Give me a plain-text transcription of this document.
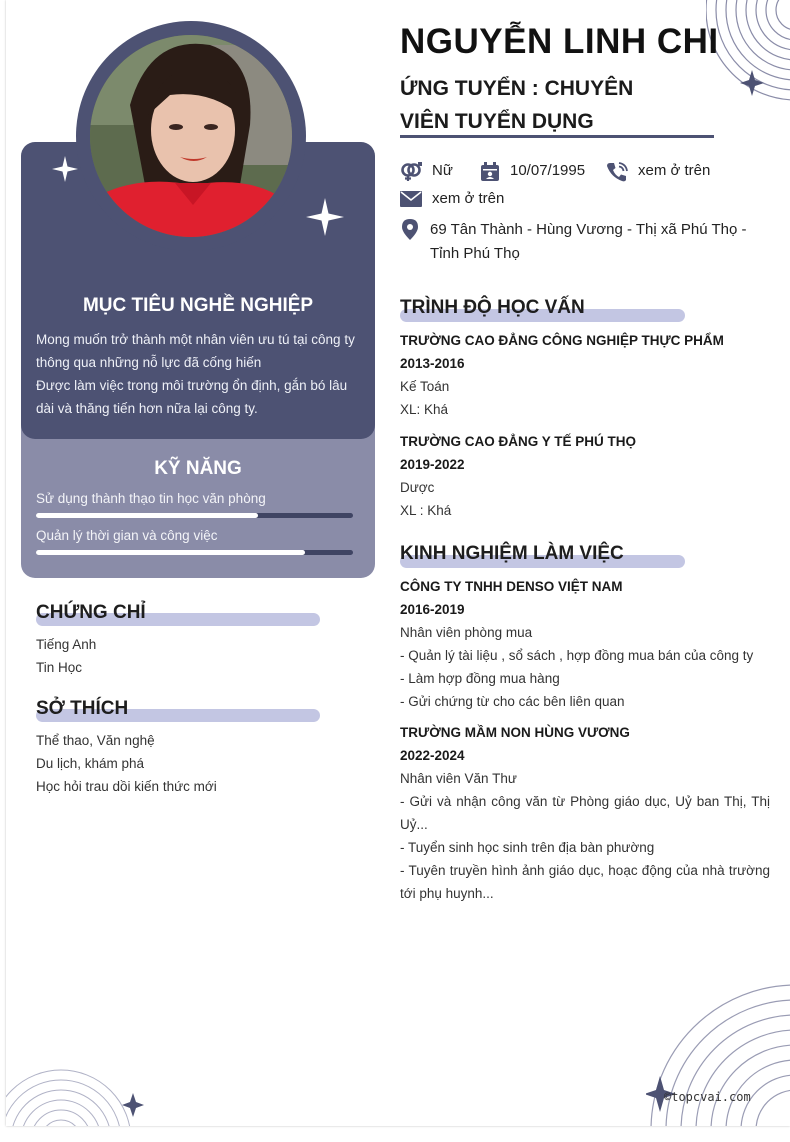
MỤC TIÊU NGHỀ NGHIỆP
Mong muốn trở thành một nhân viên ưu tú tại công ty thông qua những nỗ lực đã cống hiến
Được làm việc trong môi trường ổn định, gắn bó lâu dài và thăng tiến hơn nữa lại công ty.
KỸ NĂNG
Sử dụng thành thạo tin học văn phòng
Quản lý thời gian và công việc
CHỨNG CHỈ
Tiếng Anh
Tin Học
SỞ THÍCH
Thể thao, Văn nghệ
Du lịch, khám phá
Học hỏi trau dồi kiến thức mới
NGUYỄN LINH CHI
ỨNG TUYỂN : CHUYÊN
VIÊN TUYỂN DỤNG
Nữ	10/07/1995	xem ở trên
xem ở trên
69 Tân Thành - Hùng Vương - Thị xã Phú Thọ - Tỉnh Phú Thọ
TRÌNH ĐỘ HỌC VẤN
TRƯỜNG CAO ĐẲNG CÔNG NGHIỆP THỰC PHẨM
2013-2016
Kế Toán
XL: Khá
TRƯỜNG CAO ĐẲNG Y TẾ PHÚ THỌ
2019-2022
Dược
XL : Khá
KINH NGHIỆM LÀM VIỆC
CÔNG TY TNHH DENSO VIỆT NAM
2016-2019
Nhân viên phòng mua
- Quản lý tài liệu , sổ sách , hợp đồng mua bán của công ty
- Làm hợp đồng mua hàng
- Gửi chứng từ cho các bên liên quan
TRƯỜNG MẦM NON HÙNG VƯƠNG
2022-2024
Nhân viên Văn Thư
- Gửi và nhận công văn từ Phòng giáo dục, Uỷ ban Thị, Thị Uỷ...
- Tuyển sinh học sinh trên địa bàn phường
- Tuyên truyền hình ảnh giáo dục, hoạc động của nhà trường tới phụ huynh...
©topcvai.com
